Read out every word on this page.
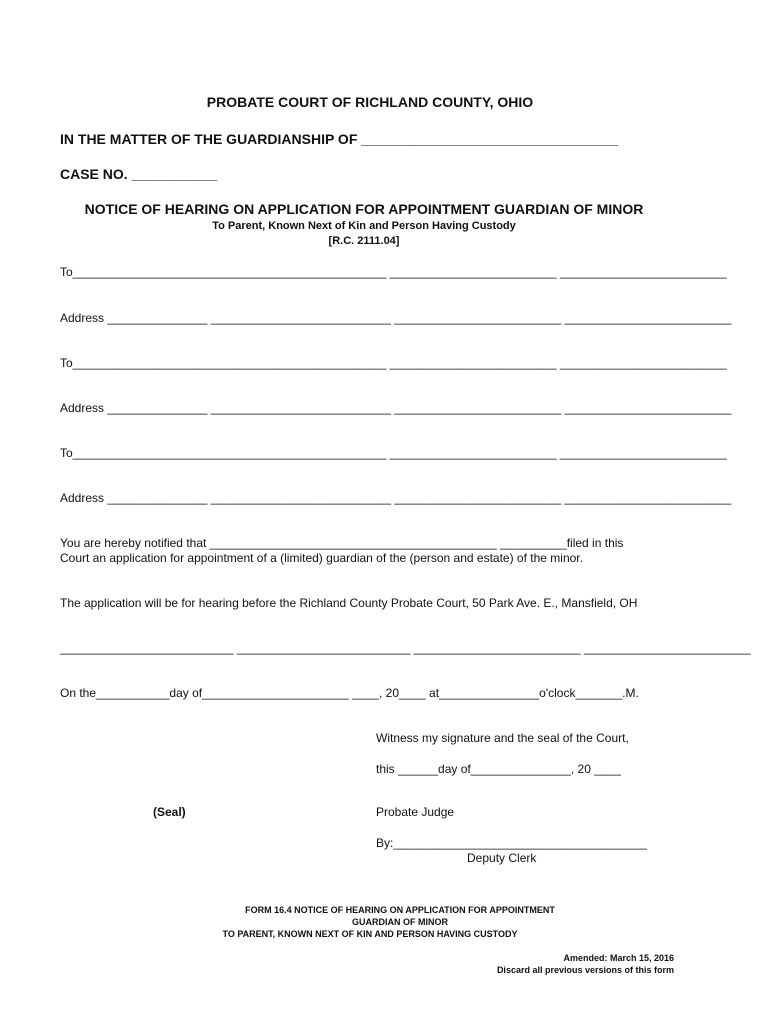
PROBATE COURT OF RICHLAND COUNTY, OHIO
IN THE MATTER OF THE GUARDIANSHIP OF _________________________________
CASE NO. ___________
NOTICE OF HEARING ON APPLICATION FOR APPOINTMENT GUARDIAN OF MINOR
To Parent, Known Next of Kin and Person Having Custody
[R.C. 2111.04]
To_______________________________________________ _________________________ _________________________
Address _______________ ___________________________ _________________________ _________________________
To_______________________________________________ _________________________ _________________________
Address _______________ ___________________________ _________________________ _________________________
To_______________________________________________ _________________________ _________________________
Address _______________ ___________________________ _________________________ _________________________
You are hereby notified that ___________________________________________ __________filed in this
Court an application for appointment of a (limited) guardian of the (person and estate) of the minor.
The application will be for hearing before the Richland County Probate Court, 50 Park Ave. E., Mansfield, OH
__________________________ __________________________ _________________________ _________________________
On the___________day of______________________ ____, 20____ at_______________o'clock_______.M.
Witness my signature and the seal of the Court,
this ______day of_______________, 20 ____
(Seal)	Probate Judge
By:______________________________________
Deputy Clerk
FORM 16.4 NOTICE OF HEARING ON APPLICATION FOR APPOINTMENT
GUARDIAN OF MINOR
TO PARENT, KNOWN NEXT OF KIN AND PERSON HAVING CUSTODY
Amended: March 15, 2016
Discard all previous versions of this form
